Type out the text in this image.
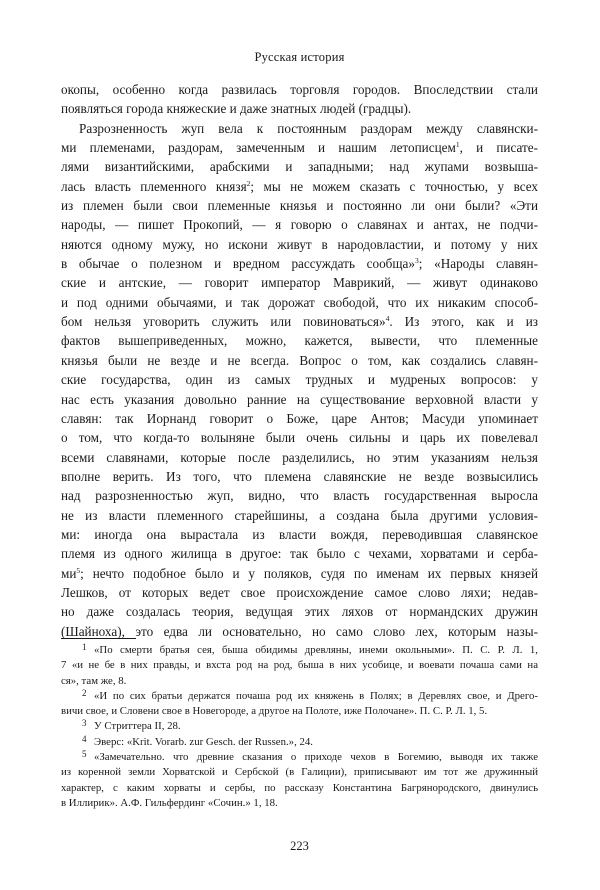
Русская история
окопы, особенно когда развилась торговля городов. Впоследствии стали
появляться города княжеские и даже знатных людей (градцы).
Разрозненность жуп вела к постоянным раздорам между славянски-
ми племенами, раздорам, замеченным и нашим летописцем$^1$, и писате-
лями византийскими, арабскими и западными; над жупами возвыша-
лась власть племенного князя$^2$; мы не можем сказать с точностью, у всех
из племен были свои племенные князья и постоянно ли они были? «Эти
народы, — пишет Прокопий, — я говорю о славянах и антах, не подчи-
няются одному мужу, но искони живут в народовластии, и потому у них
в обычае о полезном и вредном рассуждать сообща»$^3$; «Народы славян-
ские и антские, — говорит император Маврикий, — живут одинаково
и под одними обычаями, и так дорожат свободой, что их никаким способ-
бом нельзя уговорить служить или повиноваться»$^4$. Из этого, как и из
фактов вышеприведенных, можно, кажется, вывести, что племенные
князья были не везде и не всегда. Вопрос о том, как создались славян-
ские государства, один из самых трудных и мудреных вопросов: у
нас есть указания довольно ранние на существование верховной власти у
славян: так Иорнанд говорит о Боже, царе Антов; Масуди упоминает
о том, что когда-то волыняне были очень сильны и царь их повелевал
всеми славянами, которые после разделились, но этим указаниям нельзя
вполне верить. Из того, что племена славянские не везде возвысились
над разрозненностью жуп, видно, что власть государственная выросла
не из власти племенного старейшины, а создана была другими условия-
ми: иногда она вырастала из власти вождя, переводившая славянское
племя из одного жилища в другое: так было с чехами, хорватами и серба-
$ми^5$; нечто подобное было и у поляков, судя по именам их первых князей
Лешков, от которых ведет свое происхождение самое слово ляхи; недав-
но даже создалась теория, ведущая этих ляхов от нормандских дружин
(Шайноха), это едва ли основательно, но само слово лех, которым назы-
1 «По смерти братья сея, быша обидимы древляны, инеми окольными». П. С. Р. Л. 1,
7 «и не бе в них правды, и вхста род на род, быша в них усобице, и воевати почаша сами на
ся», там же, 8.
2 «И по сих братьи держатся почаша род их княжень в Полях; в Деревлях свое, и Дрего-
вичи свое, и Словени свое в Новегороде, а другое на Полоте, иже Полочане». П. С. Р. Л. 1, 5.
3 У Стриттера II, 28.
4 Эверс: «Krit. Vorarb. zur Gesch. der Russen.», 24.
5 «Замечательно. что древние сказания о приходе чехов в Богемию, выводя их также
из коренной земли Хорватской и Сербской (в Галиции), приписывают им тот же дружинный
характер, с каким хорваты и сербы, по рассказу Константина Багрянородского, двинулись
в Иллирик». А.Ф. Гильфердинг «Сочин.» 1, 18.
223
